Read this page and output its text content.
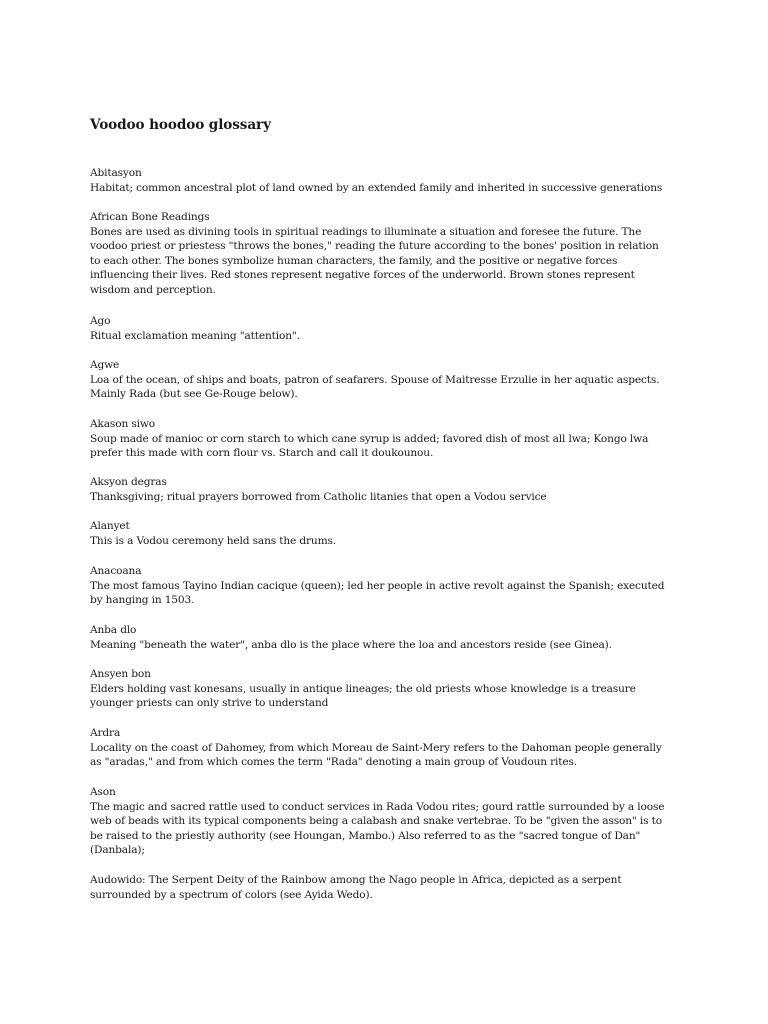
Voodoo hoodoo glossary
Abitasyon
Habitat; common ancestral plot of land owned by an extended family and inherited in successive generations
African Bone Readings
Bones are used as divining tools in spiritual readings to illuminate a situation and foresee the future. The
voodoo priest or priestess "throws the bones," reading the future according to the bones' position in relation
to each other. The bones symbolize human characters, the family, and the positive or negative forces
influencing their lives. Red stones represent negative forces of the underworld. Brown stones represent
wisdom and perception.
Ago
Ritual exclamation meaning "attention".
Agwe
Loa of the ocean, of ships and boats, patron of seafarers. Spouse of Maitresse Erzulie in her aquatic aspects.
Mainly Rada (but see Ge-Rouge below).
Akason siwo
Soup made of manioc or corn starch to which cane syrup is added; favored dish of most all lwa; Kongo lwa
prefer this made with corn flour vs. Starch and call it doukounou.
Aksyon degras
Thanksgiving; ritual prayers borrowed from Catholic litanies that open a Vodou service
Alanyet
This is a Vodou ceremony held sans the drums.
Anacoana
The most famous Tayino Indian cacique (queen); led her people in active revolt against the Spanish; executed
by hanging in 1503.
Anba dlo
Meaning "beneath the water", anba dlo is the place where the loa and ancestors reside (see Ginea).
Ansyen bon
Elders holding vast konesans, usually in antique lineages; the old priests whose knowledge is a treasure
younger priests can only strive to understand
Ardra
Locality on the coast of Dahomey, from which Moreau de Saint-Mery refers to the Dahoman people generally
as "aradas," and from which comes the term "Rada" denoting a main group of Voudoun rites.
Ason
The magic and sacred rattle used to conduct services in Rada Vodou rites; gourd rattle surrounded by a loose
web of beads with its typical components being a calabash and snake vertebrae. To be "given the asson" is to
be raised to the priestly authority (see Houngan, Mambo.) Also referred to as the "sacred tongue of Dan"
(Danbala);
Audowido: The Serpent Deity of the Rainbow among the Nago people in Africa, depicted as a serpent
surrounded by a spectrum of colors (see Ayida Wedo).
